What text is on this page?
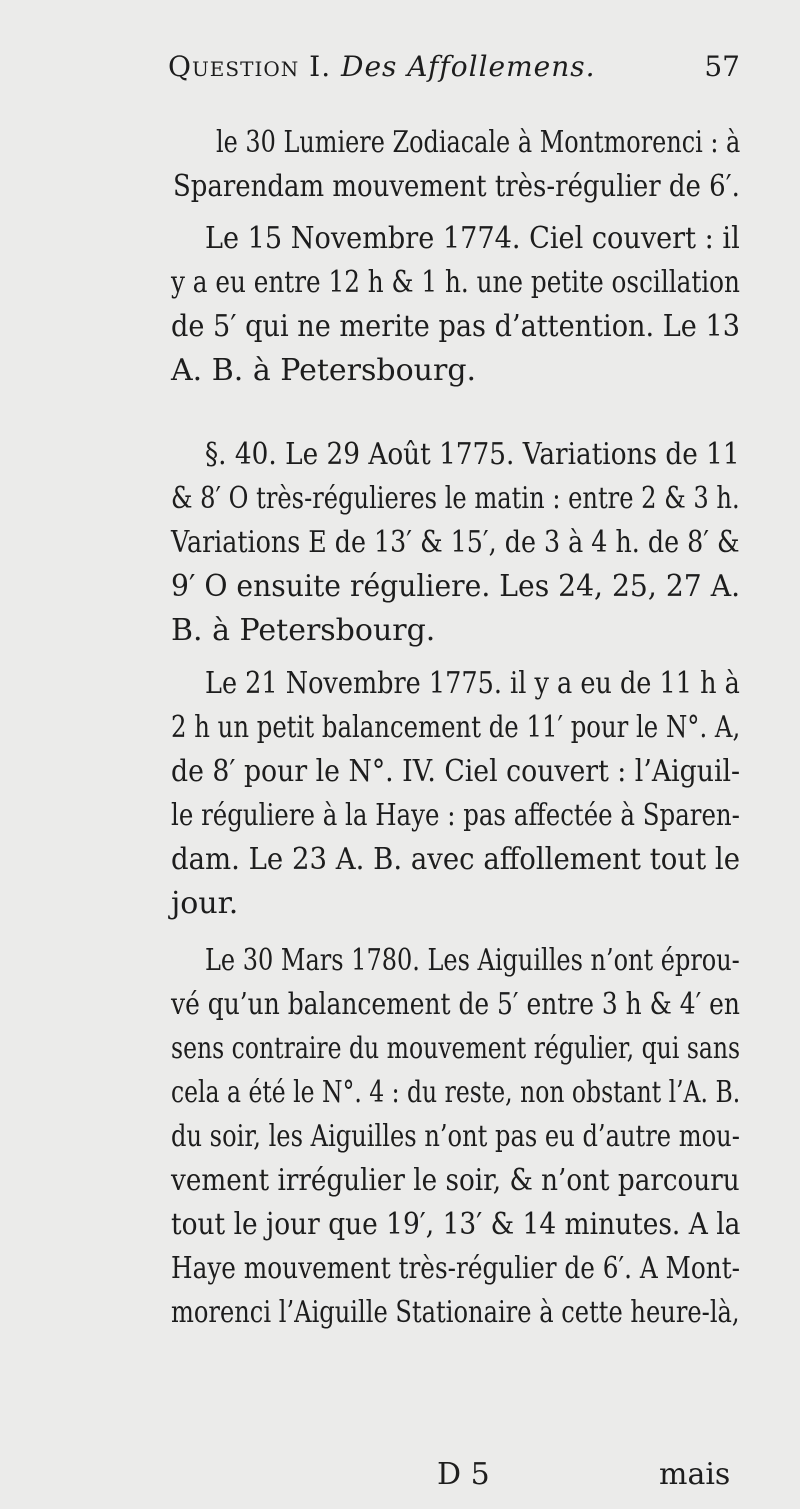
Question I. Des Affollemens.	57
le 30 Lumiere Zodiacale à Montmorenci : à
Sparendam mouvement très-régulier de 6′.
Le 15 Novembre 1774. Ciel couvert : il
y a eu entre 12 h & 1 h. une petite oscillation
de 5′ qui ne merite pas d’attention. Le 13
A. B. à Petersbourg.
§. 40. Le 29 Août 1775. Variations de 11
& 8′ O très-régulieres le matin : entre 2 & 3 h.
Variations E de 13′ & 15′, de 3 à 4 h. de 8′ &
9′ O ensuite réguliere. Les 24, 25, 27 A.
B. à Petersbourg.
Le 21 Novembre 1775. il y a eu de 11 h à
2 h un petit balancement de 11′ pour le N°. A,
de 8′ pour le N°. IV. Ciel couvert : l’Aiguil-
le réguliere à la Haye : pas affectée à Sparen-
dam. Le 23 A. B. avec affollement tout le
jour.
Le 30 Mars 1780. Les Aiguilles n’ont éprou-
vé qu’un balancement de 5′ entre 3 h & 4′ en
sens contraire du mouvement régulier, qui sans
cela a été le N°. 4 : du reste, non obstant l’A. B.
du soir, les Aiguilles n’ont pas eu d’autre mou-
vement irrégulier le soir, & n’ont parcouru
tout le jour que 19′, 13′ & 14 minutes. A la
Haye mouvement très-régulier de 6′. A Mont-
morenci l’Aiguille Stationaire à cette heure-là,
D 5	mais
